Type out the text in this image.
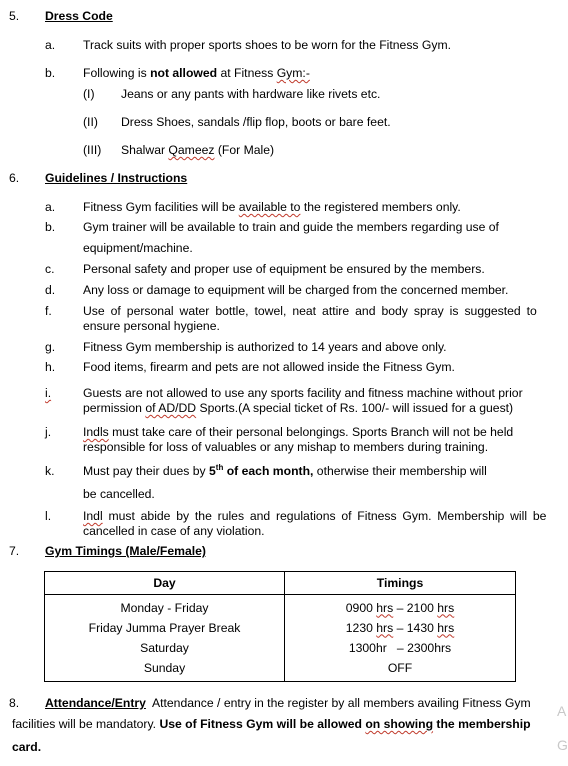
5. Dress Code
a. Track suits with proper sports shoes to be worn for the Fitness Gym.
b. Following is not allowed at Fitness Gym:-
(I) Jeans or any pants with hardware like rivets etc.
(II) Dress Shoes, sandals /flip flop, boots or bare feet.
(III) Shalwar Qameez (For Male)
6. Guidelines / Instructions
a. Fitness Gym facilities will be available to the registered members only.
b. Gym trainer will be available to train and guide the members regarding use of
equipment/machine.
c. Personal safety and proper use of equipment be ensured by the members.
d. Any loss or damage to equipment will be charged from the concerned member.
f.	Use of personal water bottle, towel, neat attire and body spray is suggested to
ensure personal hygiene.
g. Fitness Gym membership is authorized to 14 years and above only.
h. Food items, firearm and pets are not allowed inside the Fitness Gym.
i.	Guests are not allowed to use any sports facility and fitness machine without prior
permission of AD/DD Sports.(A special ticket of Rs. 100/- will issued for a guest)
j.	Indls must take care of their personal belongings. Sports Branch will not be held
responsible for loss of valuables or any mishap to members during training.
k. Must pay their dues by 5th of each month, otherwise their membership will
be cancelled.
l.	Indl must abide by the rules and regulations of Fitness Gym. Membership will be
cancelled in case of any violation.
7. Gym Timings (Male/Female)
Day	Timings
Monday - Friday	0900 hrs – 2100 hrs
Friday Jumma Prayer Break	1230 hrs – 1430 hrs
Saturday	1300hr   – 2300hrs
Sunday	OFF
8. Attendance/Entry  Attendance / entry in the register by all members availing Fitness Gym
facilities will be mandatory. Use of Fitness Gym will be allowed on showing the membership
card.
A
G
